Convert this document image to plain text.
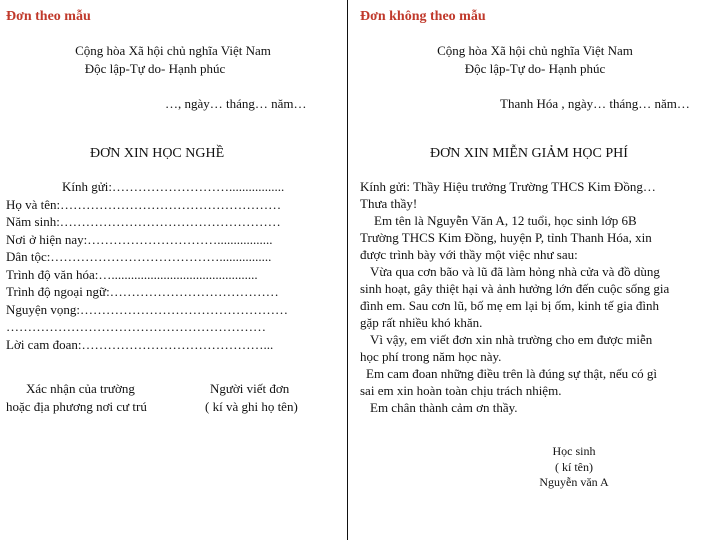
Đơn theo mẫu
Cộng hòa Xã hội chủ nghĩa Việt Nam
Độc lập-Tự do- Hạnh phúc
…, ngày… tháng… năm…
ĐƠN XIN HỌC NGHỀ
Kính gửi:……………………….................
Họ và tên:……………………………………………
Năm sinh:……………………………………………
Nơi ở hiện nay:………………………….................
Dân tộc:…………………………………................
Trình độ văn hóa:….............................................
Trình độ ngoại ngữ:…………………………………
Nguyện vọng:…………………………………………
……………………………………………………
Lời cam đoan:……………………………………...
Xác nhận của trường
hoặc địa phương nơi cư trú
Người viết đơn
( kí và ghi họ tên)
Đơn không theo mẫu
Cộng hòa Xã hội chủ nghĩa Việt Nam
Độc lập-Tự do- Hạnh phúc
Thanh Hóa , ngày… tháng… năm…
ĐƠN XIN MIỄN GIẢM HỌC PHÍ
Kính gửi: Thầy Hiệu trưởng Trường THCS Kim Đồng…
Thưa thầy!
Em tên là Nguyễn Văn A, 12 tuổi, học sinh lớp 6B
Trường THCS Kim Đồng, huyện P, tỉnh Thanh Hóa, xin
được trình bày với thầy một việc như sau:
Vừa qua cơn bão và lũ đã làm hỏng nhà cửa và đồ dùng
sinh hoạt, gây thiệt hại và ảnh hưởng lớn đến cuộc sống gia
đình em. Sau cơn lũ, bố mẹ em lại bị ốm, kinh tế gia đình
gặp rất nhiều khó khăn.
Vì vậy, em viết đơn xin nhà trường cho em được miễn
học phí trong năm học này.
Em cam đoan những điều trên là đúng sự thật, nếu có gì
sai em xin hoàn toàn chịu trách nhiệm.
Em chân thành cảm ơn thầy.
Học sinh
( kí tên)
Nguyễn văn A
